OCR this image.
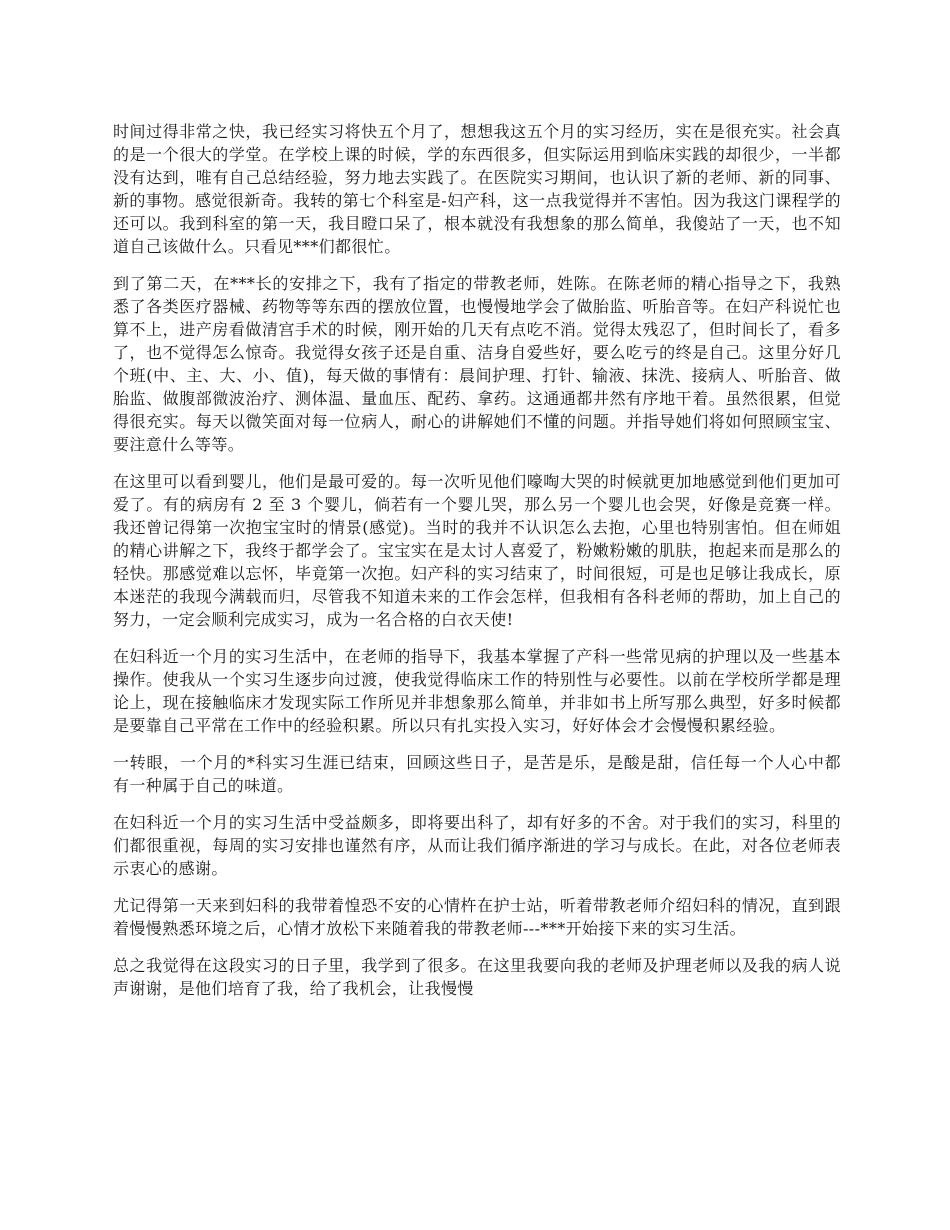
时间过得非常之快，我已经实习将快五个月了，想想我这五个月的实习经历，实在是很充实。社会真的是一个很大的学堂。在学校上课的时候，学的东西很多，但实际运用到临床实践的却很少，一半都没有达到，唯有自己总结经验，努力地去实践了。在医院实习期间，也认识了新的老师、新的同事、新的事物。感觉很新奇。我转的第七个科室是-妇产科，这一点我觉得并不害怕。因为我这门课程学的还可以。我到科室的第一天，我目瞪口呆了，根本就没有我想象的那么简单，我傻站了一天，也不知道自己该做什么。只看见***们都很忙。

到了第二天，在***长的安排之下，我有了指定的带教老师，姓陈。在陈老师的精心指导之下，我熟悉了各类医疗器械、药物等等东西的摆放位置，也慢慢地学会了做胎监、听胎音等。在妇产科说忙也算不上，进产房看做清宫手术的时候，刚开始的几天有点吃不消。觉得太残忍了，但时间长了，看多了，也不觉得怎么惊奇。我觉得女孩子还是自重、洁身自爱些好，要么吃亏的终是自己。这里分好几个班(中、主、大、小、值)，每天做的事情有：晨间护理、打针、输液、抹洗、接病人、听胎音、做胎监、做腹部微波治疗、测体温、量血压、配药、拿药。这通通都井然有序地干着。虽然很累，但觉得很充实。每天以微笑面对每一位病人，耐心的讲解她们不懂的问题。并指导她们将如何照顾宝宝、要注意什么等等。

在这里可以看到婴儿，他们是最可爱的。每一次听见他们嚎啕大哭的时候就更加地感觉到他们更加可爱了。有的病房有 2 至 3 个婴儿，倘若有一个婴儿哭，那么另一个婴儿也会哭，好像是竞赛一样。我还曾记得第一次抱宝宝时的情景(感觉)。当时的我并不认识怎么去抱，心里也特别害怕。但在师姐的精心讲解之下，我终于都学会了。宝宝实在是太讨人喜爱了，粉嫩粉嫩的肌肤，抱起来而是那么的轻快。那感觉难以忘怀，毕竟第一次抱。妇产科的实习结束了，时间很短，可是也足够让我成长，原本迷茫的我现今满载而归，尽管我不知道未来的工作会怎样，但我相有各科老师的帮助，加上自己的努力，一定会顺利完成实习，成为一名合格的白衣天使!

在妇科近一个月的实习生活中，在老师的指导下，我基本掌握了产科一些常见病的护理以及一些基本操作。使我从一个实习生逐步向过渡，使我觉得临床工作的特别性与必要性。以前在学校所学都是理论上，现在接触临床才发现实际工作所见并非想象那么简单，并非如书上所写那么典型，好多时候都是要靠自己平常在工作中的经验积累。所以只有扎实投入实习，好好体会才会慢慢积累经验。

一转眼，一个月的*科实习生涯已结束，回顾这些日子，是苦是乐，是酸是甜，信任每一个人心中都有一种属于自己的味道。

在妇科近一个月的实习生活中受益颇多，即将要出科了，却有好多的不舍。对于我们的实习，科里的们都很重视，每周的实习安排也谨然有序，从而让我们循序渐进的学习与成长。在此，对各位老师表示衷心的感谢。

尤记得第一天来到妇科的我带着惶恐不安的心情杵在护士站，听着带教老师介绍妇科的情况，直到跟着慢慢熟悉环境之后，心情才放松下来随着我的带教老师---***开始接下来的实习生活。

总之我觉得在这段实习的日子里，我学到了很多。在这里我要向我的老师及护理老师以及我的病人说声谢谢，是他们培育了我，给了我机会，让我慢慢
